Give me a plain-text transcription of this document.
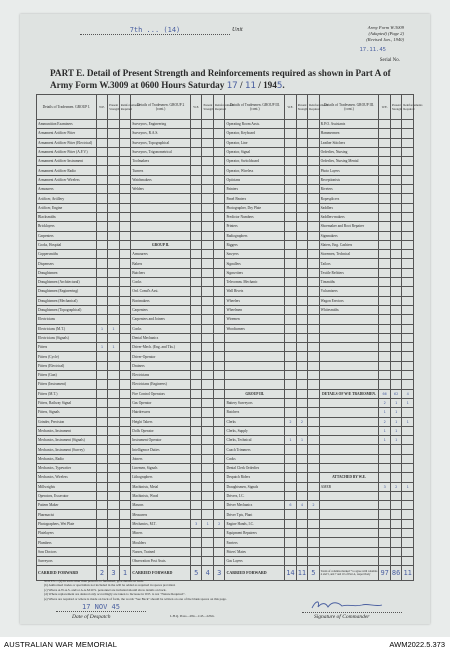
7th ... (14)	Unit	Army Form W.3009
(Adapted) (Page 2)
(Revised Jan., 1940)
17.11.45
Serial No.
PART E. Detail of Present Strength and Reinforcements required as shown in Part A of Army Form W.3009 at 0600 Hours Saturday 17 / 11 / 1945.
Details of Tradesmen. GROUP I.	W.E.	Present Strength	Reinforcements Required	Details of Tradesmen. GROUP 2 (cont.)	W.E.	Present Strength	Reinforcements Required	Details of Tradesmen. GROUP III. (cont.)	W.E.	Present Strength	Reinforcements Required	Details of Tradesmen. GROUP III. (cont.)	W.E.	Present Strength	Reinforcements Required
Ammunition Examiners				Surveyors, Engineering				Operating Room Assts.				R.P.O. Assistants			
Armament Artificer Fitter				Surveyors, R.A.S.				Operator, Keyboard				Hammermen			
Armament Artificer Fitter (Electrical)				Surveyors, Topographical				Operator, Line				Leather Stitchers			
Armament Artificer Fitter (A.F.V.)				Surveyors, Trigonometrical				Operator, Signal				Orderlies, Nursing			
Armament Artificer Instrument				Toolmakers				Operator, Switchboard				Orderlies, Nursing Mental			
Armament Artificer Radio				Turners				Operator, Wireless				Photo Layers			
Armament Artificer Wireless				Watchmakers				Opticians				Receptionists			
Armourers				Welders				Painters				Riveters			
Artificer, Artillery								Panel Beaters				Ropesplicers			
Artificer, Engine								Photographer, Dry Plate				Saddlers			
Blacksmiths								Predictor Numbers				Saddlers-makers			
Bricklayers								Printers				Shoemaker and Boot Repairer			
Carpenters								Radiographers				Signmakers			
Cooks, Hospital				GROUP II.				Riggers				Slaters, Eng. Cashiers			
Coppersmiths				Armourers				Sawyers				Storemen, Technical			
Dispensers				Bakers				Signallers				Tailors			
Draughtsmen				Butchers				Signwriters				Textile Refitters			
Draughtsmen (Architectural)				Cooks				Telecomm. Mechanic				Tinsmiths			
Draughtsmen (Engineering)				Ord. Comd's Asst.				Wall Rivets				Vulcanizers			
Draughtsmen (Mechanical)				Bootmakers				Wheelers				Wagon Erectors			
Draughtsmen (Topographical)				Carpenters				Wheelmen				Whitesmiths			
Electricians				Carpenters and Joiners				Wiremen							
Electricians (M.T.)	1	1		Cooks				Woodturners							
Electricians (Signals)				Dental Mechanics											
Fitters	1	1		Driver-Mech. (Eng. and Tks.)											
Fitters (Cycle)				Driver-Operator											
Fitters (Electrical)				Drainers											
Fitters (Gun)				Electricians											
Fitters (Instrument)				Electricians (Engineers)											
Fitters (M.T.)				Fire Control Operators				GROUP III.				DETAILS OF W/E TRADESMEN.	66	62	4
Fitters, Railway Signal				Gas Operator				Battery Surveyors					2	1	1
Fitters, Signals				Hairdressers				Butchers					1	1	
Grinder, Precision				Height Takers				Clerks	2	2			2	1	1
Mechanics, Instrument				Dolls Operator				Clerks, Supply					1	1	
Mechanics, Instrument (Signals)				Instrument Operator				Clerks, Technical	1	1			1	1	
Mechanics, Instrument (Survey)				Intelligence Duties				Coach Trimmers							
Mechanics, Radio				Joiners				Cooks							
Mechanics, Typewriter				Linemen, Signals				Dental Clerk Orderlies							
Mechanics, Wireless				Lithographers				Despatch Riders				ATTACHED BY W.E.			
Millwrights				Machinists, Metal				Draughtsmen, Signals				AMEB	3	2	1
Operators, Excavator				Machinists, Wood				Drivers, I.C.							
Pattern Maker				Masons				Driver Mechanics	6	4	2				
Pharmacist				Measurers				Driver Tpts, Plant							
Photographers, Wet Plate				Mechanics, M.T.	3	1	2	Engine Hands, I.C.							
Platelayers				Miners				Equipment Repairers							
Plumbers				Moulders				Farriers							
Saw Doctors				Nurses, Trained				Fitters' Mates							
Surveyors				Observation Post Assts.				Gas Layers							
CARRIED FORWARD	2	3	1	CARRIED FORWARD	5	4	3	CARRIED FORWARD	14	11	5	Totals of columns marked * to agree with columns 4 and 5, and 7 and 10 of Part A, respectively	97	86	11
NOTES.—(a) In each other than person's to furnished, give details on back.
(b) Authorised trades or specialists not included in the will be added as required in spaces provided.
(c) Where A.W.A.S. and/or A.A.M.W.S. personnel are included should show details on back.
(d) Where replacement are desired only accordingly are taken to Increase in W.E. is not "Nature Required".
(e) Where are required or where is made on back of form, the words "See Back" should be written on one of the blank spaces on this page.
17 NOV 45
Date of Despatch	L.H.Q. Press—284—1/45—225m.	Signature of Commander
AUSTRALIAN WAR MEMORIAL	AWM2022.5.373
